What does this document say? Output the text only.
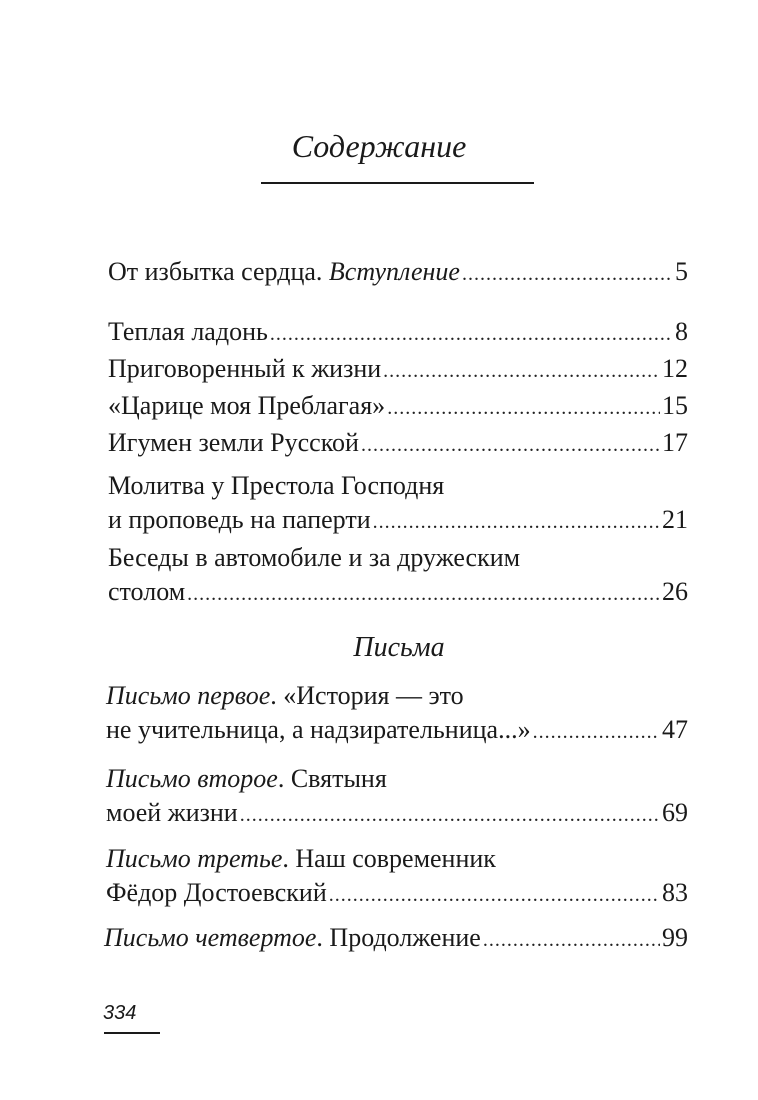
Содержание
От избытка сердца. Вступление .....	5
Теплая ладонь .....	8
Приговоренный к жизни .....	12
«Царице моя Преблагая» .....	15
Игумен земли Русской .....	17
Молитва у Престола Господня
и проповедь на паперти .....	21
Беседы в автомобиле и за дружеским
столом .....	26
Письма
Письмо первое. «История — это
не учительница, а надзирательница...» .....	47
Письмо второе. Святыня
моей жизни .....	69
Письмо третье. Наш современник
Фёдор Достоевский .....	83
Письмо четвертое. Продолжение .....	99
334
